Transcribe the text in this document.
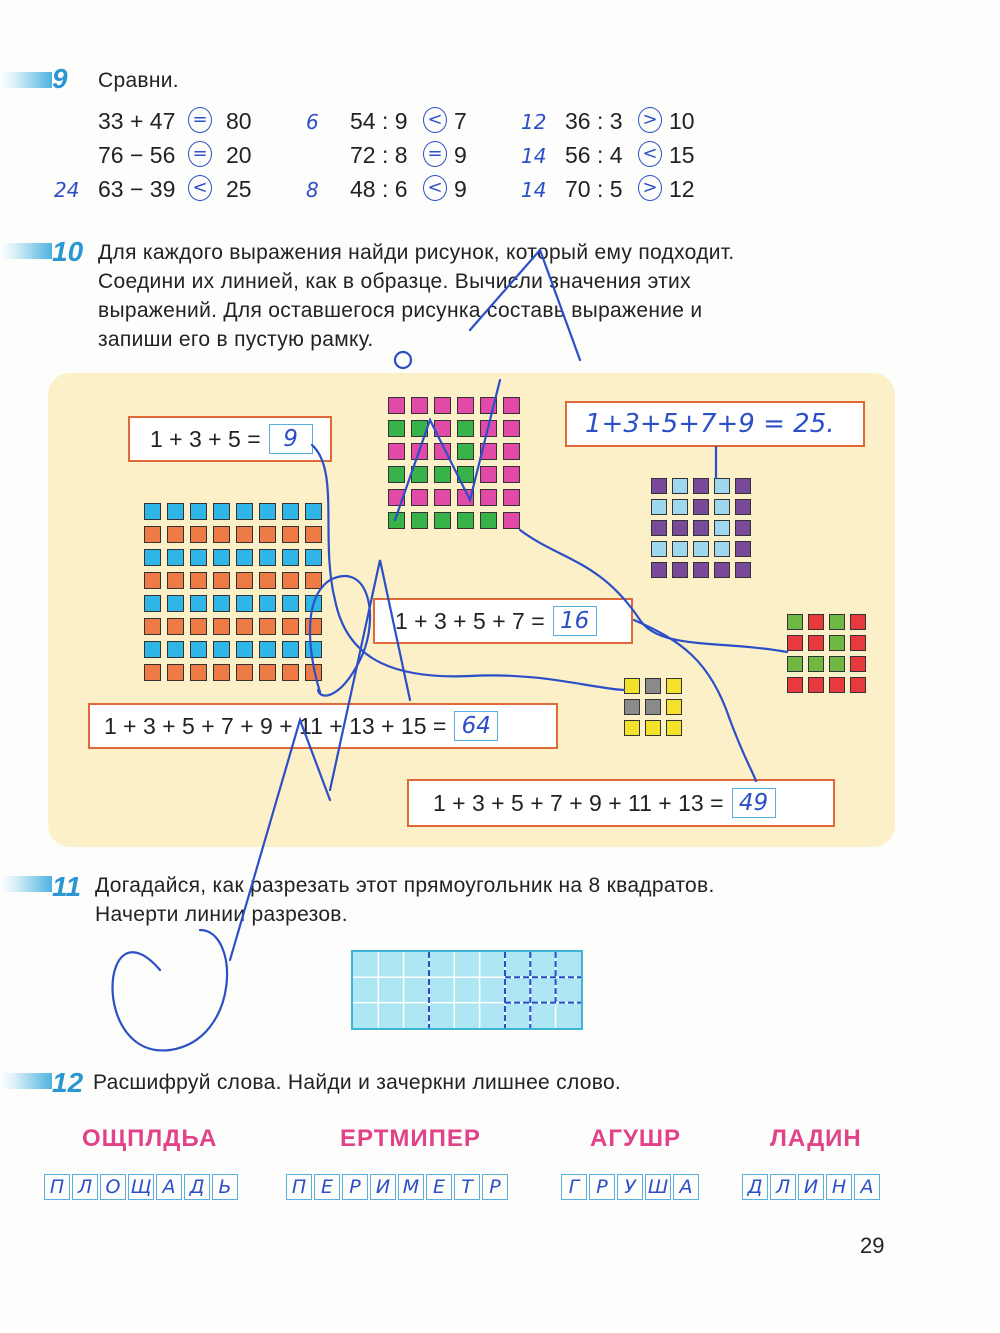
9 Сравни.
33 + 47 = 80	6 54 : 9 < 7	12 36 : 3 > 10
76 − 56 = 20	72 : 8 = 9	14 56 : 4 < 15
24 63 − 39 < 25	8 48 : 6 < 9	14 70 : 5 > 12
10 Для каждого выражения найди рисунок, который ему подходит.
Соедини их линией, как в образце. Вычисли значения этих
выражений. Для оставшегося рисунка составь выражение и
запиши его в пустую рамку.
1 + 3 + 5 = 9	1+3+5+7+9 = 25.
1 + 3 + 5 + 7 = 16
1 + 3 + 5 + 7 + 9 + 11 + 13 + 15 = 64
1 + 3 + 5 + 7 + 9 + 11 + 13 = 49
11 Догадайся, как разрезать этот прямоугольник на 8 квадратов.
Начерти линии разрезов.
12 Расшифруй слова. Найди и зачеркни лишнее слово.
ОЩПЛДЬА	ЕРТМИПЕР	АГУШР	ЛАДИН
П Л О Щ А Д Ь	П Е Р И М Е Т Р	Г Р У Ш А	Д Л И Н А
29
